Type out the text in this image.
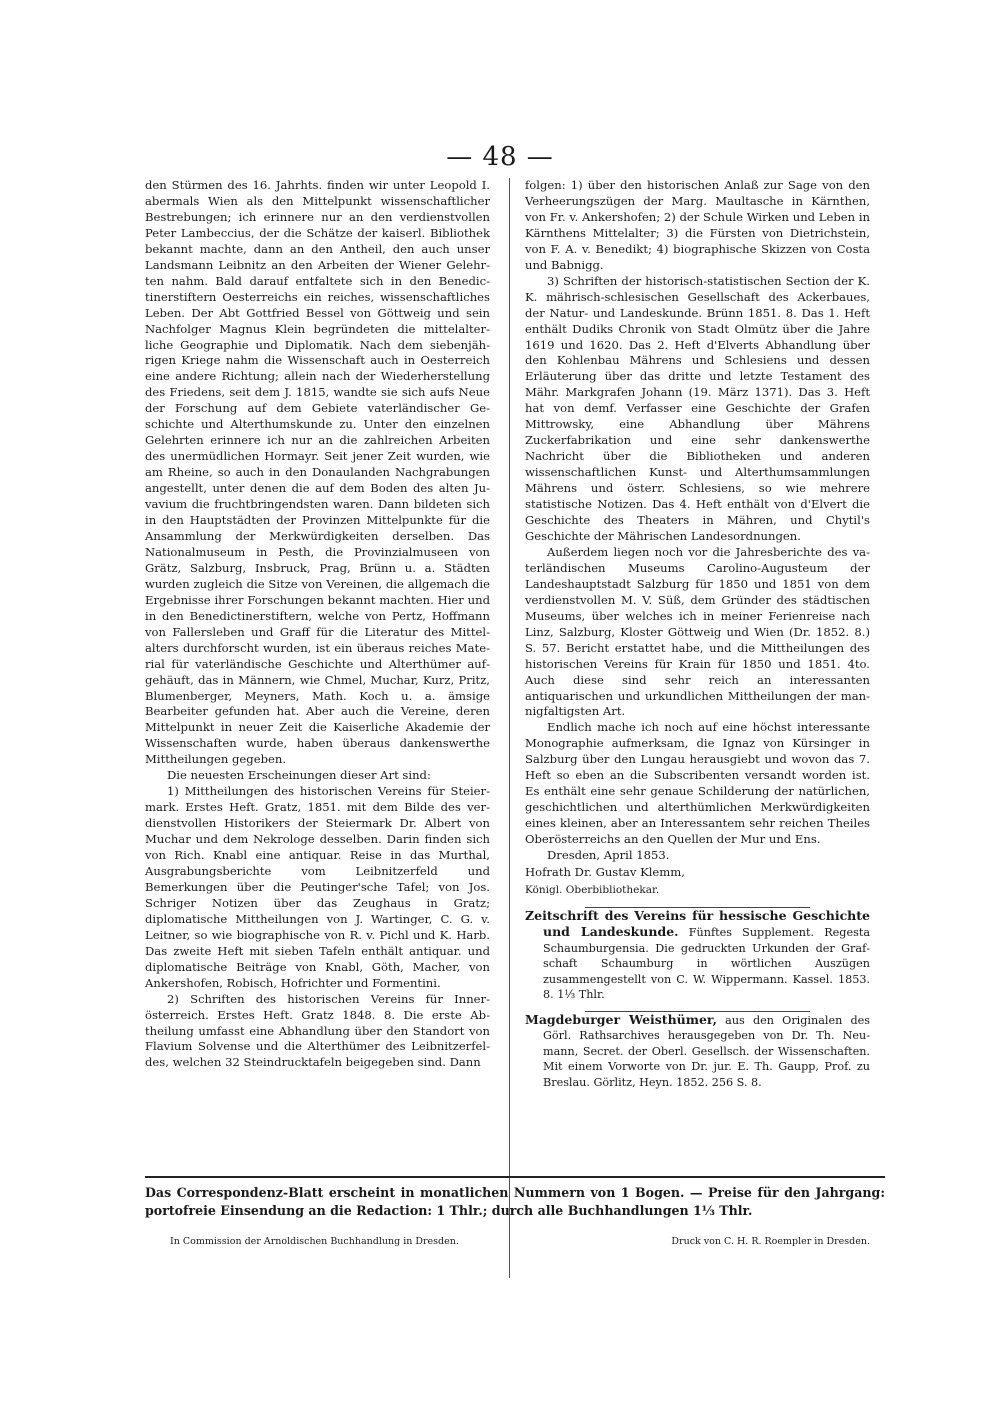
— 48 —

den Stürmen des 16. Jahrhts. finden wir unter Leopold I. abermals Wien als den Mittelpunkt wissenschaftlicher Bestrebungen; ich erinnere nur an den verdienstvollen Peter Lambeccius, der die Schätze der kaiserl. Bibliothek bekannt machte, dann an den Antheil, den auch unser Landsmann Leibnitz an den Arbeiten der Wiener Gelehrten nahm. Bald darauf entfaltete sich in den Benedictinerstiftern Oesterreichs ein reiches, wissenschaftliches Leben. Der Abt Gottfried Bessel von Göttweig und sein Nachfolger Magnus Klein begründeten die mittelalterliche Geographie und Diplomatik. Nach dem siebenjährigen Kriege nahm die Wissenschaft auch in Oesterreich eine andere Richtung; allein nach der Wiederherstellung des Friedens, seit dem J. 1815, wandte sie sich aufs Neue der Forschung auf dem Gebiete vaterländischer Geschichte und Alterthumskunde zu. Unter den einzelnen Gelehrten erinnere ich nur an die zahlreichen Arbeiten des unermüdlichen Hormayr. Seit jener Zeit wurden, wie am Rheine, so auch in den Donaulanden Nachgrabungen angestellt, unter denen die auf dem Boden des alten Juvavium die fruchtbringendsten waren. Dann bildeten sich in den Hauptstädten der Provinzen Mittelpunkte für die Ansammlung der Merkwürdigkeiten derselben. Das Nationalmuseum in Pesth, die Provinzialmuseen von Grätz, Salzburg, Insbruck, Prag, Brünn u. a. Städten wurden zugleich die Sitze von Vereinen, die allgemach die Ergebnisse ihrer Forschungen bekannt machten. Hier und in den Benedictinerstiftern, welche von Pertz, Hoffmann von Fallersleben und Graff für die Literatur des Mittelalters durchforscht wurden, ist ein überaus reiches Material für vaterländische Geschichte und Alterthümer aufgehäuft, das in Männern, wie Chmel, Muchar, Kurz, Pritz, Blumenberger, Meyners, Math. Koch u. a. ämsige Bearbeiter gefunden hat. Aber auch die Vereine, deren Mittelpunkt in neuer Zeit die Kaiserliche Akademie der Wissenschaften wurde, haben überaus dankenswerthe Mittheilungen gegeben.

Die neuesten Erscheinungen dieser Art sind:

1) Mittheilungen des historischen Vereins für Steiermark. Erstes Heft. Gratz, 1851. mit dem Bilde des verdienstvollen Historikers der Steiermark Dr. Albert von Muchar und dem Nekrologe desselben. Darin finden sich von Rich. Knabl eine antiquar. Reise in das Murthal, Ausgrabungsberichte vom Leibnitzerfeld und Bemerkungen über die Peutinger'sche Tafel; von Jos. Schriger Notizen über das Zeughaus in Gratz; diplomatische Mittheilungen von J. Wartinger, C. G. v. Leitner, so wie biographische von R. v. Pichl und K. Harb. Das zweite Heft mit sieben Tafeln enthält antiquar. und diplomatische Beiträge von Knabl, Göth, Macher, von Ankershofen, Robisch, Hofrichter und Formentini.

2) Schriften des historischen Vereins für Innerösterreich. Erstes Heft. Gratz 1848. 8. Die erste Abtheilung umfasst eine Abhandlung über den Standort von Flavium Solvense und die Alterthümer des Leibnitzerfeldes, welchen 32 Steindrucktafeln beigegeben sind. Dann

folgen: 1) über den historischen Anlaß zur Sage von den Verheerungszügen der Marg. Maultasche in Kärnthen, von Fr. v. Ankershofen; 2) der Schule Wirken und Leben in Kärnthens Mittelalter; 3) die Fürsten von Dietrichstein, von F. A. v. Benedikt; 4) biographische Skizzen von Costa und Babnigg.

3) Schriften der historisch-statistischen Section der K. K. mährisch-schlesischen Gesellschaft des Ackerbaues, der Natur- und Landeskunde. Brünn 1851. 8. Das 1. Heft enthält Dudiks Chronik von Stadt Olmütz über die Jahre 1619 und 1620. Das 2. Heft d'Elverts Abhandlung über den Kohlenbau Mährens und Schlesiens und dessen Erläuterung über das dritte und letzte Testament des Mähr. Markgrafen Johann (19. März 1371). Das 3. Heft hat von demf. Verfasser eine Geschichte der Grafen Mittrowsky, eine Abhandlung über Mährens Zuckerfabrikation und eine sehr dankenswerthe Nachricht über die Bibliotheken und anderen wissenschaftlichen Kunst- und Alterthumsammlungen Mährens und österr. Schlesiens, so wie mehrere statistische Notizen. Das 4. Heft enthält von d'Elvert die Geschichte des Theaters in Mähren, und Chytil's Geschichte der Mährischen Landesordnungen.

Außerdem liegen noch vor die Jahresberichte des vaterländischen Museums Carolino-Augusteum der Landeshauptstadt Salzburg für 1850 und 1851 von dem verdienstvollen M. V. Süß, dem Gründer des städtischen Museums, über welches ich in meiner Ferienreise nach Linz, Salzburg, Kloster Göttweig und Wien (Dr. 1852. 8.) S. 57. Bericht erstattet habe, und die Mittheilungen des historischen Vereins für Krain für 1850 und 1851. 4to. Auch diese sind sehr reich an interessanten antiquarischen und urkundlichen Mittheilungen der mannigfaltigsten Art.

Endlich mache ich noch auf eine höchst interessante Monographie aufmerksam, die Ignaz von Kürsinger in Salzburg über den Lungau herausgiebt und wovon das 7. Heft so eben an die Subscribenten versandt worden ist. Es enthält eine sehr genaue Schilderung der natürlichen, geschichtlichen und alterthümlichen Merkwürdigkeiten eines kleinen, aber an Interessantem sehr reichen Theiles Oberösterreichs an den Quellen der Mur und Ens.

Dresden, April 1853.

Hofrath Dr. Gustav Klemm,
Königl. Oberbibliothekar.

Zeitschrift des Vereins für hessische Geschichte und Landeskunde. Fünftes Supplement. Regesta Schaumburgensia. Die gedruckten Urkunden der Grafschaft Schaumburg in wörtlichen Auszügen zusammengestellt von C. W. Wippermann. Kassel. 1853. 8. 1⅓ Thlr.

Magdeburger Weisthümer, aus den Originalen des Görl. Rathsarchives herausgegeben von Dr. Th. Neumann, Secret. der Oberl. Gesellsch. der Wissenschaften. Mit einem Vorworte von Dr. jur. E. Th. Gaupp, Prof. zu Breslau. Görlitz, Heyn. 1852. 256 S. 8.

Das Correspondenz-Blatt erscheint in monatlichen Nummern von 1 Bogen. — Preise für den Jahrgang: portofreie Einsendung an die Redaction: 1 Thlr.; durch alle Buchhandlungen 1⅓ Thlr.
In Commission der Arnoldischen Buchhandlung in Dresden.	Druck von C. H. R. Roempler in Dresden.
